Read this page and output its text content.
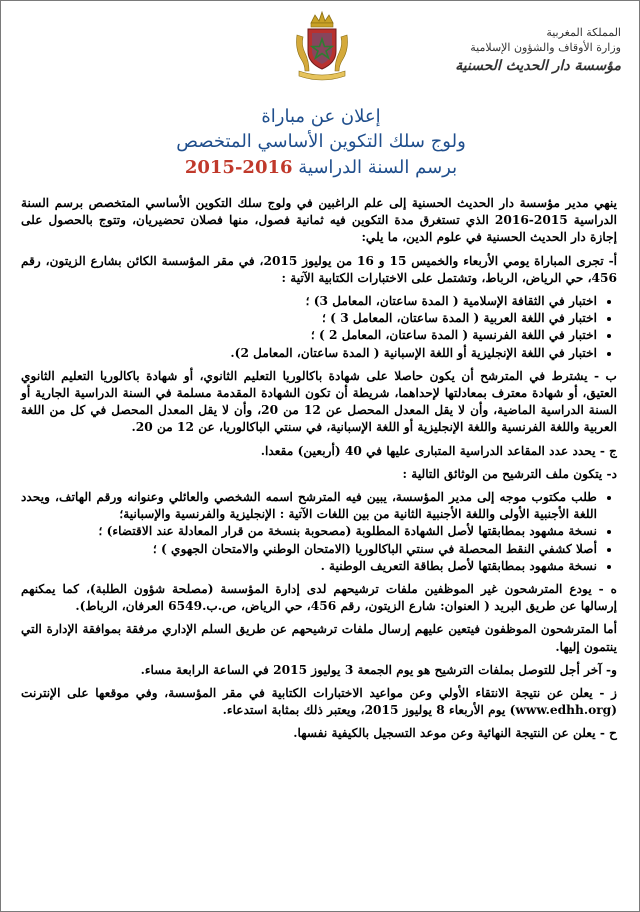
المملكة المغربية
وزارة الأوقاف والشؤون الإسلامية
مؤسسة دار الحديث الحسنية
إعلان عن مباراة
ولوج سلك التكوين الأساسي المتخصص
برسم السنة الدراسية 2015-2016

ينهي مدير مؤسسة دار الحديث الحسنية إلى علم الراغبين في ولوج سلك التكوين الأساسي المتخصص برسم السنة الدراسية 2015-2016 الذي تستغرق مدة التكوين فيه ثمانية فصول، منها فصلان تحضيريان، وتتوج بالحصول على إجازة دار الحديث الحسنية في علوم الدين، ما يلي:

أ- تجرى المباراة يومي الأربعاء والخميس 15 و 16 من يوليوز 2015، في مقر المؤسسة الكائن بشارع الزيتون، رقم 456، حي الرياض، الرباط، وتشتمل على الاختبارات الكتابية الآتية :

• اختبار في الثقافة الإسلامية ( المدة ساعتان، المعامل 3) ؛
• اختبار في اللغة العربية ( المدة ساعتان، المعامل 3 ) ؛
• اختبار في اللغة الفرنسية ( المدة ساعتان، المعامل 2 ) ؛
• اختبار في اللغة الإنجليزية أو اللغة الإسبانية ( المدة ساعتان، المعامل 2).

ب - يشترط في المترشح أن يكون حاصلا على شهادة باكالوريا التعليم الثانوي، أو شهادة باكالوريا التعليم الثانوي العتيق، أو شهادة معترف بمعادلتها لإحداهما، شريطة أن تكون الشهادة المقدمة مسلمة في السنة الدراسية الجارية أو السنة الدراسية الماضية، وأن لا يقل المعدل المحصل عن 12 من 20، وأن لا يقل المعدل المحصل في كل من اللغة العربية واللغة الفرنسية واللغة الإنجليزية أو اللغة الإسبانية، في سنتي الباكالوريا، عن 12 من 20.

ج - يحدد عدد المقاعد الدراسية المتبارى عليها في 40 (أربعين) مقعدا.

د- يتكون ملف الترشيح من الوثائق التالية :

• طلب مكتوب موجه إلى مدير المؤسسة، يبين فيه المترشح اسمه الشخصي والعائلي وعنوانه ورقم الهاتف، ويحدد اللغة الأجنبية الأولى واللغة الأجنبية الثانية من بين اللغات الآتية : الإنجليزية والفرنسية والإسبانية؛
• نسخة مشهود بمطابقتها لأصل الشهادة المطلوبة (مصحوبة بنسخة من قرار المعادلة عند الاقتضاء) ؛
• أصلا كشفي النقط المحصلة في سنتي الباكالوريا (الامتحان الوطني والامتحان الجهوي ) ؛
• نسخة مشهود بمطابقتها لأصل بطاقة التعريف الوطنية .

ه - يودع المترشحون غير الموظفين ملفات ترشيحهم لدى إدارة المؤسسة (مصلحة شؤون الطلبة)، كما يمكنهم إرسالها عن طريق البريد ( العنوان: شارع الزيتون، رقم 456، حي الرياض، ص.ب.6549 العرفان، الرباط).

أما المترشحون الموظفون فيتعين عليهم إرسال ملفات ترشيحهم عن طريق السلم الإداري مرفقة بموافقة الإدارة التي ينتمون إليها.

و- آخر أجل للتوصل بملفات الترشيح هو يوم الجمعة 3 يوليوز 2015 في الساعة الرابعة مساء.

ز - يعلن عن نتيجة الانتقاء الأولي وعن مواعيد الاختبارات الكتابية في مقر المؤسسة، وفي موقعها على الإنترنت (www.edhh.org) يوم الأربعاء 8 يوليوز 2015، ويعتبر ذلك بمثابة استدعاء.

ح - يعلن عن النتيجة النهائية وعن موعد التسجيل بالكيفية نفسها.
